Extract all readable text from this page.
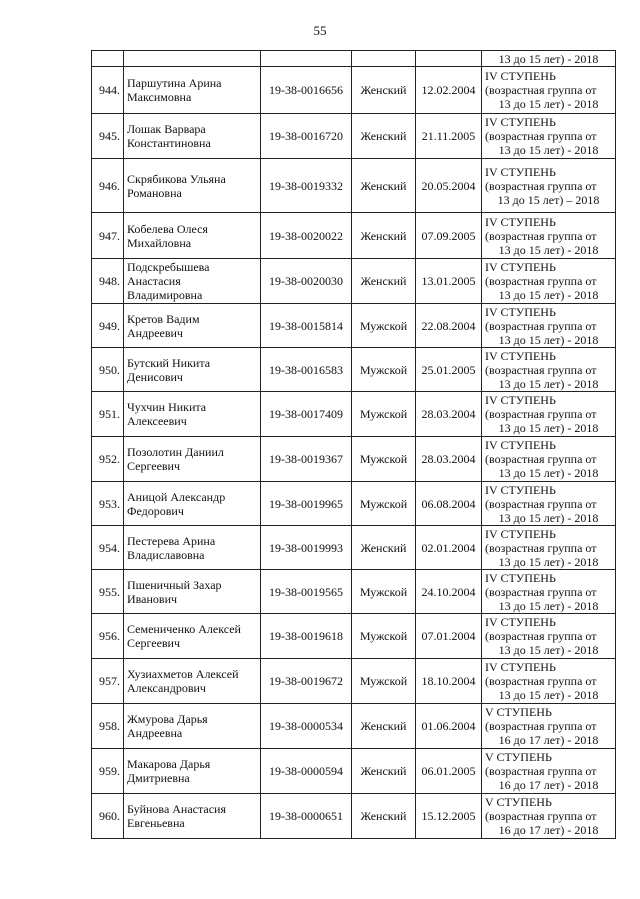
55

					13 до 15 лет) - 2018

944.	Паршутина Арина Максимовна	19-38-0016656	Женский	12.02.2004	IV СТУПЕНЬ
(возрастная группа от
13 до 15 лет) - 2018

945.	Лошак Варвара Константиновна	19-38-0016720	Женский	21.11.2005	IV СТУПЕНЬ
(возрастная группа от
13 до 15 лет) - 2018

946.	Скрябикова Ульяна Романовна	19-38-0019332	Женский	20.05.2004	IV СТУПЕНЬ
(возрастная группа от
13 до 15 лет) – 2018

947.	Кобелева Олеся Михайловна	19-38-0020022	Женский	07.09.2005	IV СТУПЕНЬ
(возрастная группа от
13 до 15 лет) - 2018

948.	Подскребышева Анастасия Владимировна	19-38-0020030	Женский	13.01.2005	IV СТУПЕНЬ
(возрастная группа от
13 до 15 лет) - 2018

949.	Кретов Вадим Андреевич	19-38-0015814	Мужской	22.08.2004	IV СТУПЕНЬ
(возрастная группа от
13 до 15 лет) - 2018

950.	Бутский Никита Денисович	19-38-0016583	Мужской	25.01.2005	IV СТУПЕНЬ
(возрастная группа от
13 до 15 лет) - 2018

951.	Чухчин Никита Алексеевич	19-38-0017409	Мужской	28.03.2004	IV СТУПЕНЬ
(возрастная группа от
13 до 15 лет) - 2018

952.	Позолотин Даниил Сергеевич	19-38-0019367	Мужской	28.03.2004	IV СТУПЕНЬ
(возрастная группа от
13 до 15 лет) - 2018

953.	Аницой Александр Федорович	19-38-0019965	Мужской	06.08.2004	IV СТУПЕНЬ
(возрастная группа от
13 до 15 лет) - 2018

954.	Пестерева Арина Владиславовна	19-38-0019993	Женский	02.01.2004	IV СТУПЕНЬ
(возрастная группа от
13 до 15 лет) - 2018

955.	Пшеничный Захар Иванович	19-38-0019565	Мужской	24.10.2004	IV СТУПЕНЬ
(возрастная группа от
13 до 15 лет) - 2018

956.	Семениченко Алексей Сергеевич	19-38-0019618	Мужской	07.01.2004	IV СТУПЕНЬ
(возрастная группа от
13 до 15 лет) - 2018

957.	Хузиахметов Алексей Александрович	19-38-0019672	Мужской	18.10.2004	IV СТУПЕНЬ
(возрастная группа от
13 до 15 лет) - 2018

958.	Жмурова Дарья Андреевна	19-38-0000534	Женский	01.06.2004	V СТУПЕНЬ
(возрастная группа от
16 до 17 лет) - 2018

959.	Макарова Дарья Дмитриевна	19-38-0000594	Женский	06.01.2005	V СТУПЕНЬ
(возрастная группа от
16 до 17 лет) - 2018

960.	Буйнова Анастасия Евгеньевна	19-38-0000651	Женский	15.12.2005	V СТУПЕНЬ
(возрастная группа от
16 до 17 лет) - 2018
